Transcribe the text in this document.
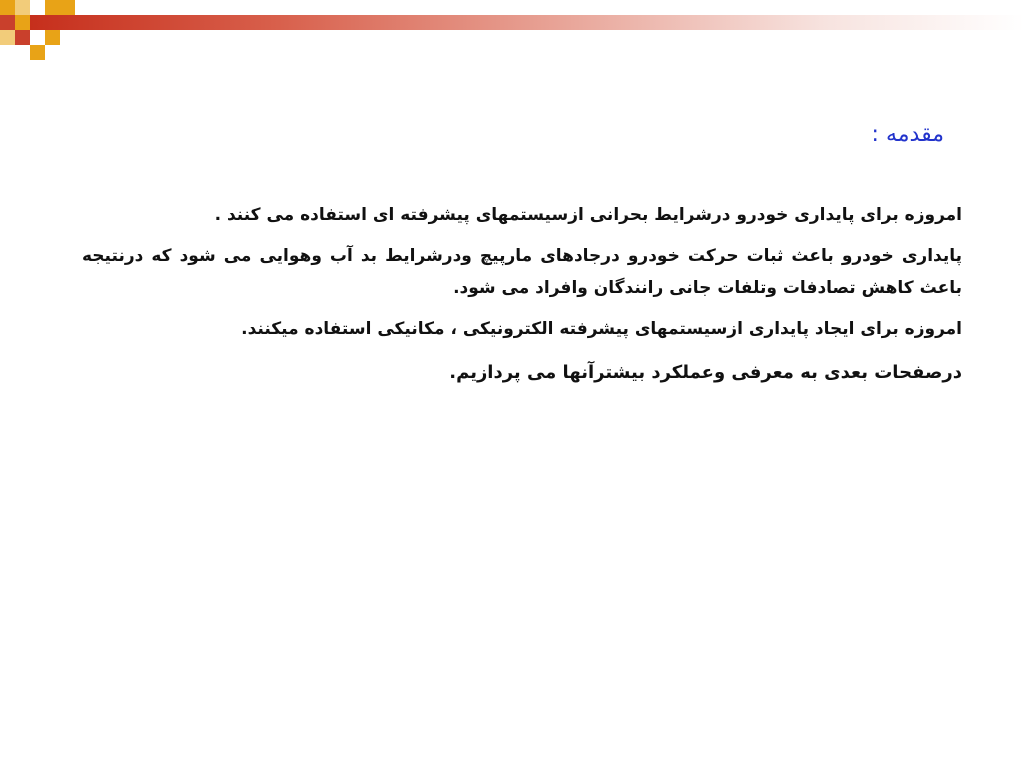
مقدمه :

امروزه برای پایداری خودرو درشرایط بحرانی ازسیستمهای پیشرفته ای استفاده می کنند .

پایداری خودرو باعث ثبات حرکت خودرو درجادهای مارپیچ ودرشرایط بد آب وهوایی می شود که درنتیجه باعث کاهش تصادفات وتلفات جانی رانندگان وافراد می شود.

امروزه برای ایجاد پایداری ازسیستمهای پیشرفته الکترونیکی ، مکانیکی استفاده میکنند.

درصفحات بعدی به معرفی وعملکرد بیشترآنها می پردازیم.
